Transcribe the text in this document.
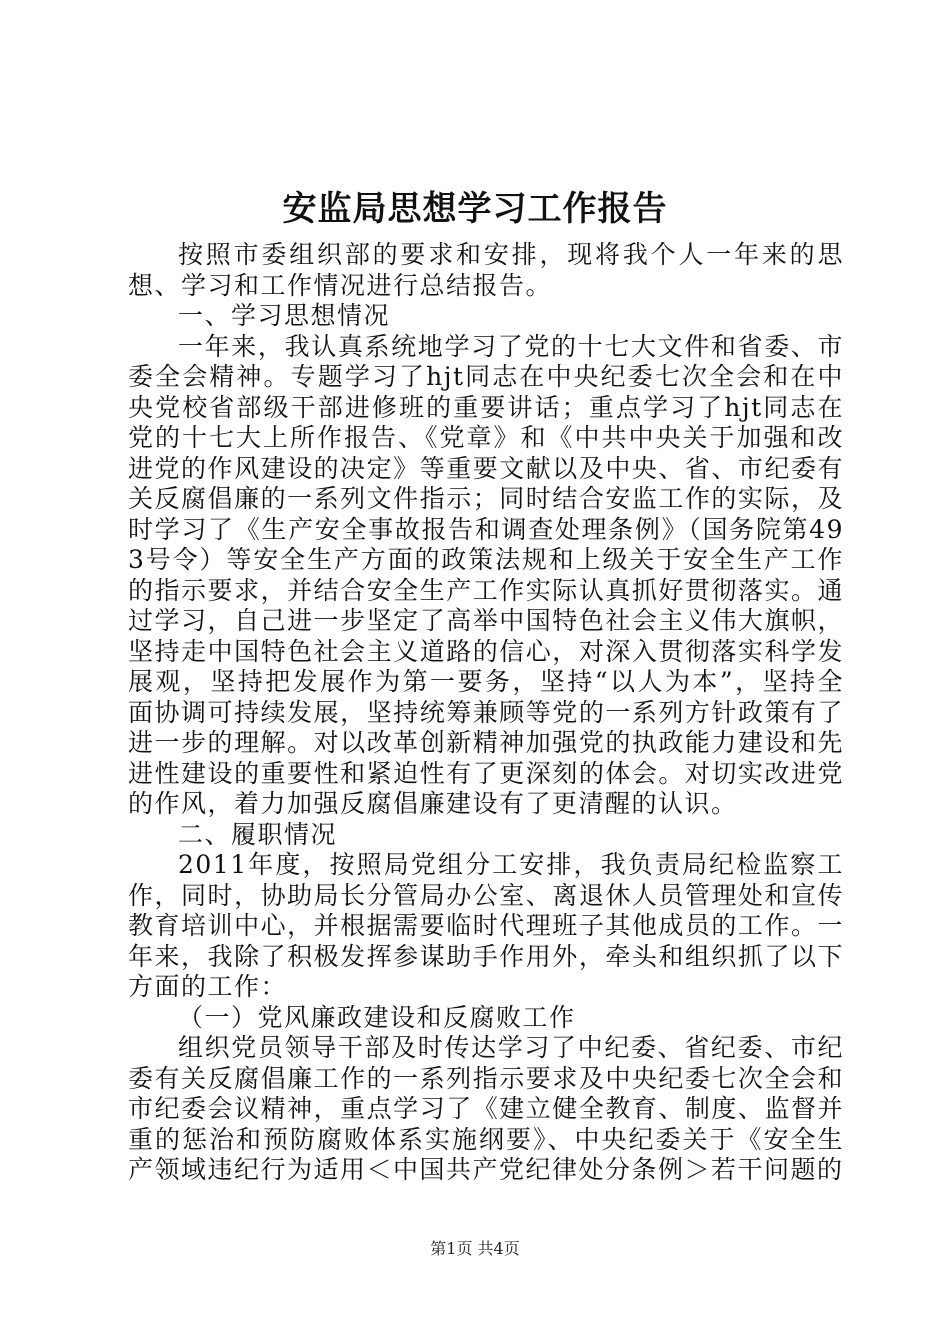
安监局思想学习工作报告

按照市委组织部的要求和安排，现将我个人一年来的思想、学习和工作情况进行总结报告。

一、学习思想情况

一年来，我认真系统地学习了党的十七大文件和省委、市委全会精神。专题学习了hjt同志在中央纪委七次全会和在中央党校省部级干部进修班的重要讲话；重点学习了hjt同志在党的十七大上所作报告、《党章》和《中共中央关于加强和改进党的作风建设的决定》等重要文献以及中央、省、市纪委有关反腐倡廉的一系列文件指示；同时结合安监工作的实际，及时学习了《生产安全事故报告和调查处理条例》（国务院第493号令）等安全生产方面的政策法规和上级关于安全生产工作的指示要求，并结合安全生产工作实际认真抓好贯彻落实。通过学习，自己进一步坚定了高举中国特色社会主义伟大旗帜，坚持走中国特色社会主义道路的信心，对深入贯彻落实科学发展观，坚持把发展作为第一要务，坚持“以人为本”，坚持全面协调可持续发展，坚持统筹兼顾等党的一系列方针政策有了进一步的理解。对以改革创新精神加强党的执政能力建设和先进性建设的重要性和紧迫性有了更深刻的体会。对切实改进党的作风，着力加强反腐倡廉建设有了更清醒的认识。

二、履职情况

2011年度，按照局党组分工安排，我负责局纪检监察工作，同时，协助局长分管局办公室、离退休人员管理处和宣传教育培训中心，并根据需要临时代理班子其他成员的工作。一年来，我除了积极发挥参谋助手作用外，牵头和组织抓了以下方面的工作：

（一）党风廉政建设和反腐败工作

组织党员领导干部及时传达学习了中纪委、省纪委、市纪委有关反腐倡廉工作的一系列指示要求及中央纪委七次全会和市纪委会议精神，重点学习了《建立健全教育、制度、监督并重的惩治和预防腐败体系实施纲要》、中央纪委关于《安全生产领域违纪行为适用＜中国共产党纪律处分条例＞若干问题的

第1页 共4页
